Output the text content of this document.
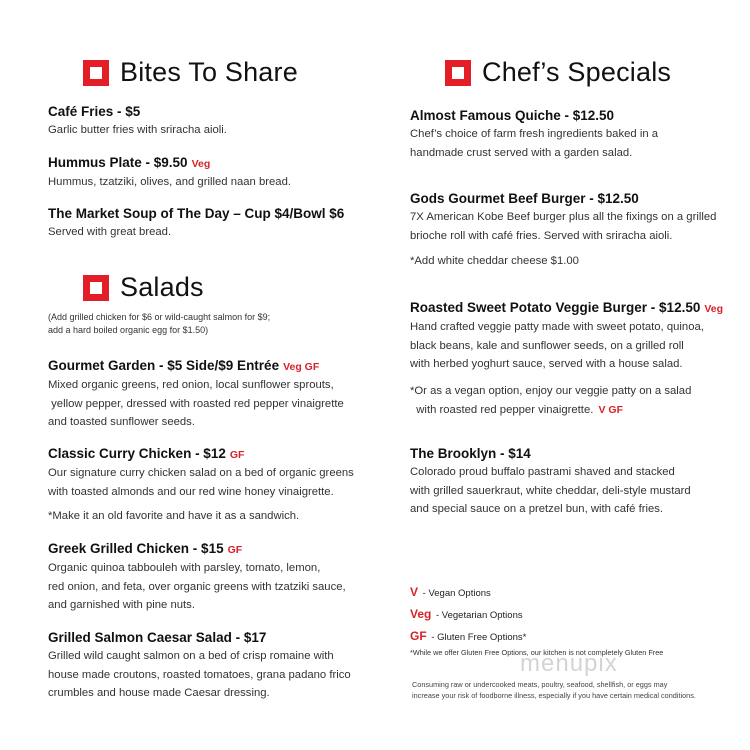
Bites To Share
Café Fries - $5
Garlic butter fries with sriracha aioli.
Hummus Plate - $9.50 Veg
Hummus, tzatziki, olives, and grilled naan bread.
The Market Soup of The Day – Cup $4/Bowl $6
Served with great bread.
Salads
(Add grilled chicken for $6 or wild-caught salmon for $9;
add a hard boiled organic egg for $1.50)
Gourmet Garden - $5 Side/$9 Entrée Veg GF
Mixed organic greens, red onion, local sunflower sprouts,
yellow pepper, dressed with roasted red pepper vinaigrette
and toasted sunflower seeds.
Classic Curry Chicken - $12 GF
Our signature curry chicken salad on a bed of organic greens
with toasted almonds and our red wine honey vinaigrette.
*Make it an old favorite and have it as a sandwich.
Greek Grilled Chicken - $15 GF
Organic quinoa tabbouleh with parsley, tomato, lemon,
red onion, and feta, over organic greens with tzatziki sauce,
and garnished with pine nuts.
Grilled Salmon Caesar Salad - $17
Grilled wild caught salmon on a bed of crisp romaine with
house made croutons, roasted tomatoes, grana padano frico
crumbles and house made Caesar dressing.
Chef’s Specials
Almost Famous Quiche - $12.50
Chef’s choice of farm fresh ingredients baked in a
handmade crust served with a garden salad.
Gods Gourmet Beef Burger - $12.50
7X American Kobe Beef burger plus all the fixings on a grilled
brioche roll with café fries. Served with sriracha aioli.
*Add white cheddar cheese $1.00
Roasted Sweet Potato Veggie Burger - $12.50 Veg
Hand crafted veggie patty made with sweet potato, quinoa,
black beans, kale and sunflower seeds, on a grilled roll
with herbed yoghurt sauce, served with a house salad.
*Or as a vegan option, enjoy our veggie patty on a salad
with roasted red pepper vinaigrette. V GF
The Brooklyn - $14
Colorado proud buffalo pastrami shaved and stacked
with grilled sauerkraut, white cheddar, deli-style mustard
and special sauce on a pretzel bun, with café fries.
V - Vegan Options
Veg - Vegetarian Options
GF - Gluten Free Options*
*While we offer Gluten Free Options, our kitchen is not completely Gluten Free
menupix
Consuming raw or undercooked meats, poultry, seafood, shellfish, or eggs may
increase your risk of foodborne illness, especially if you have certain medical conditions.
